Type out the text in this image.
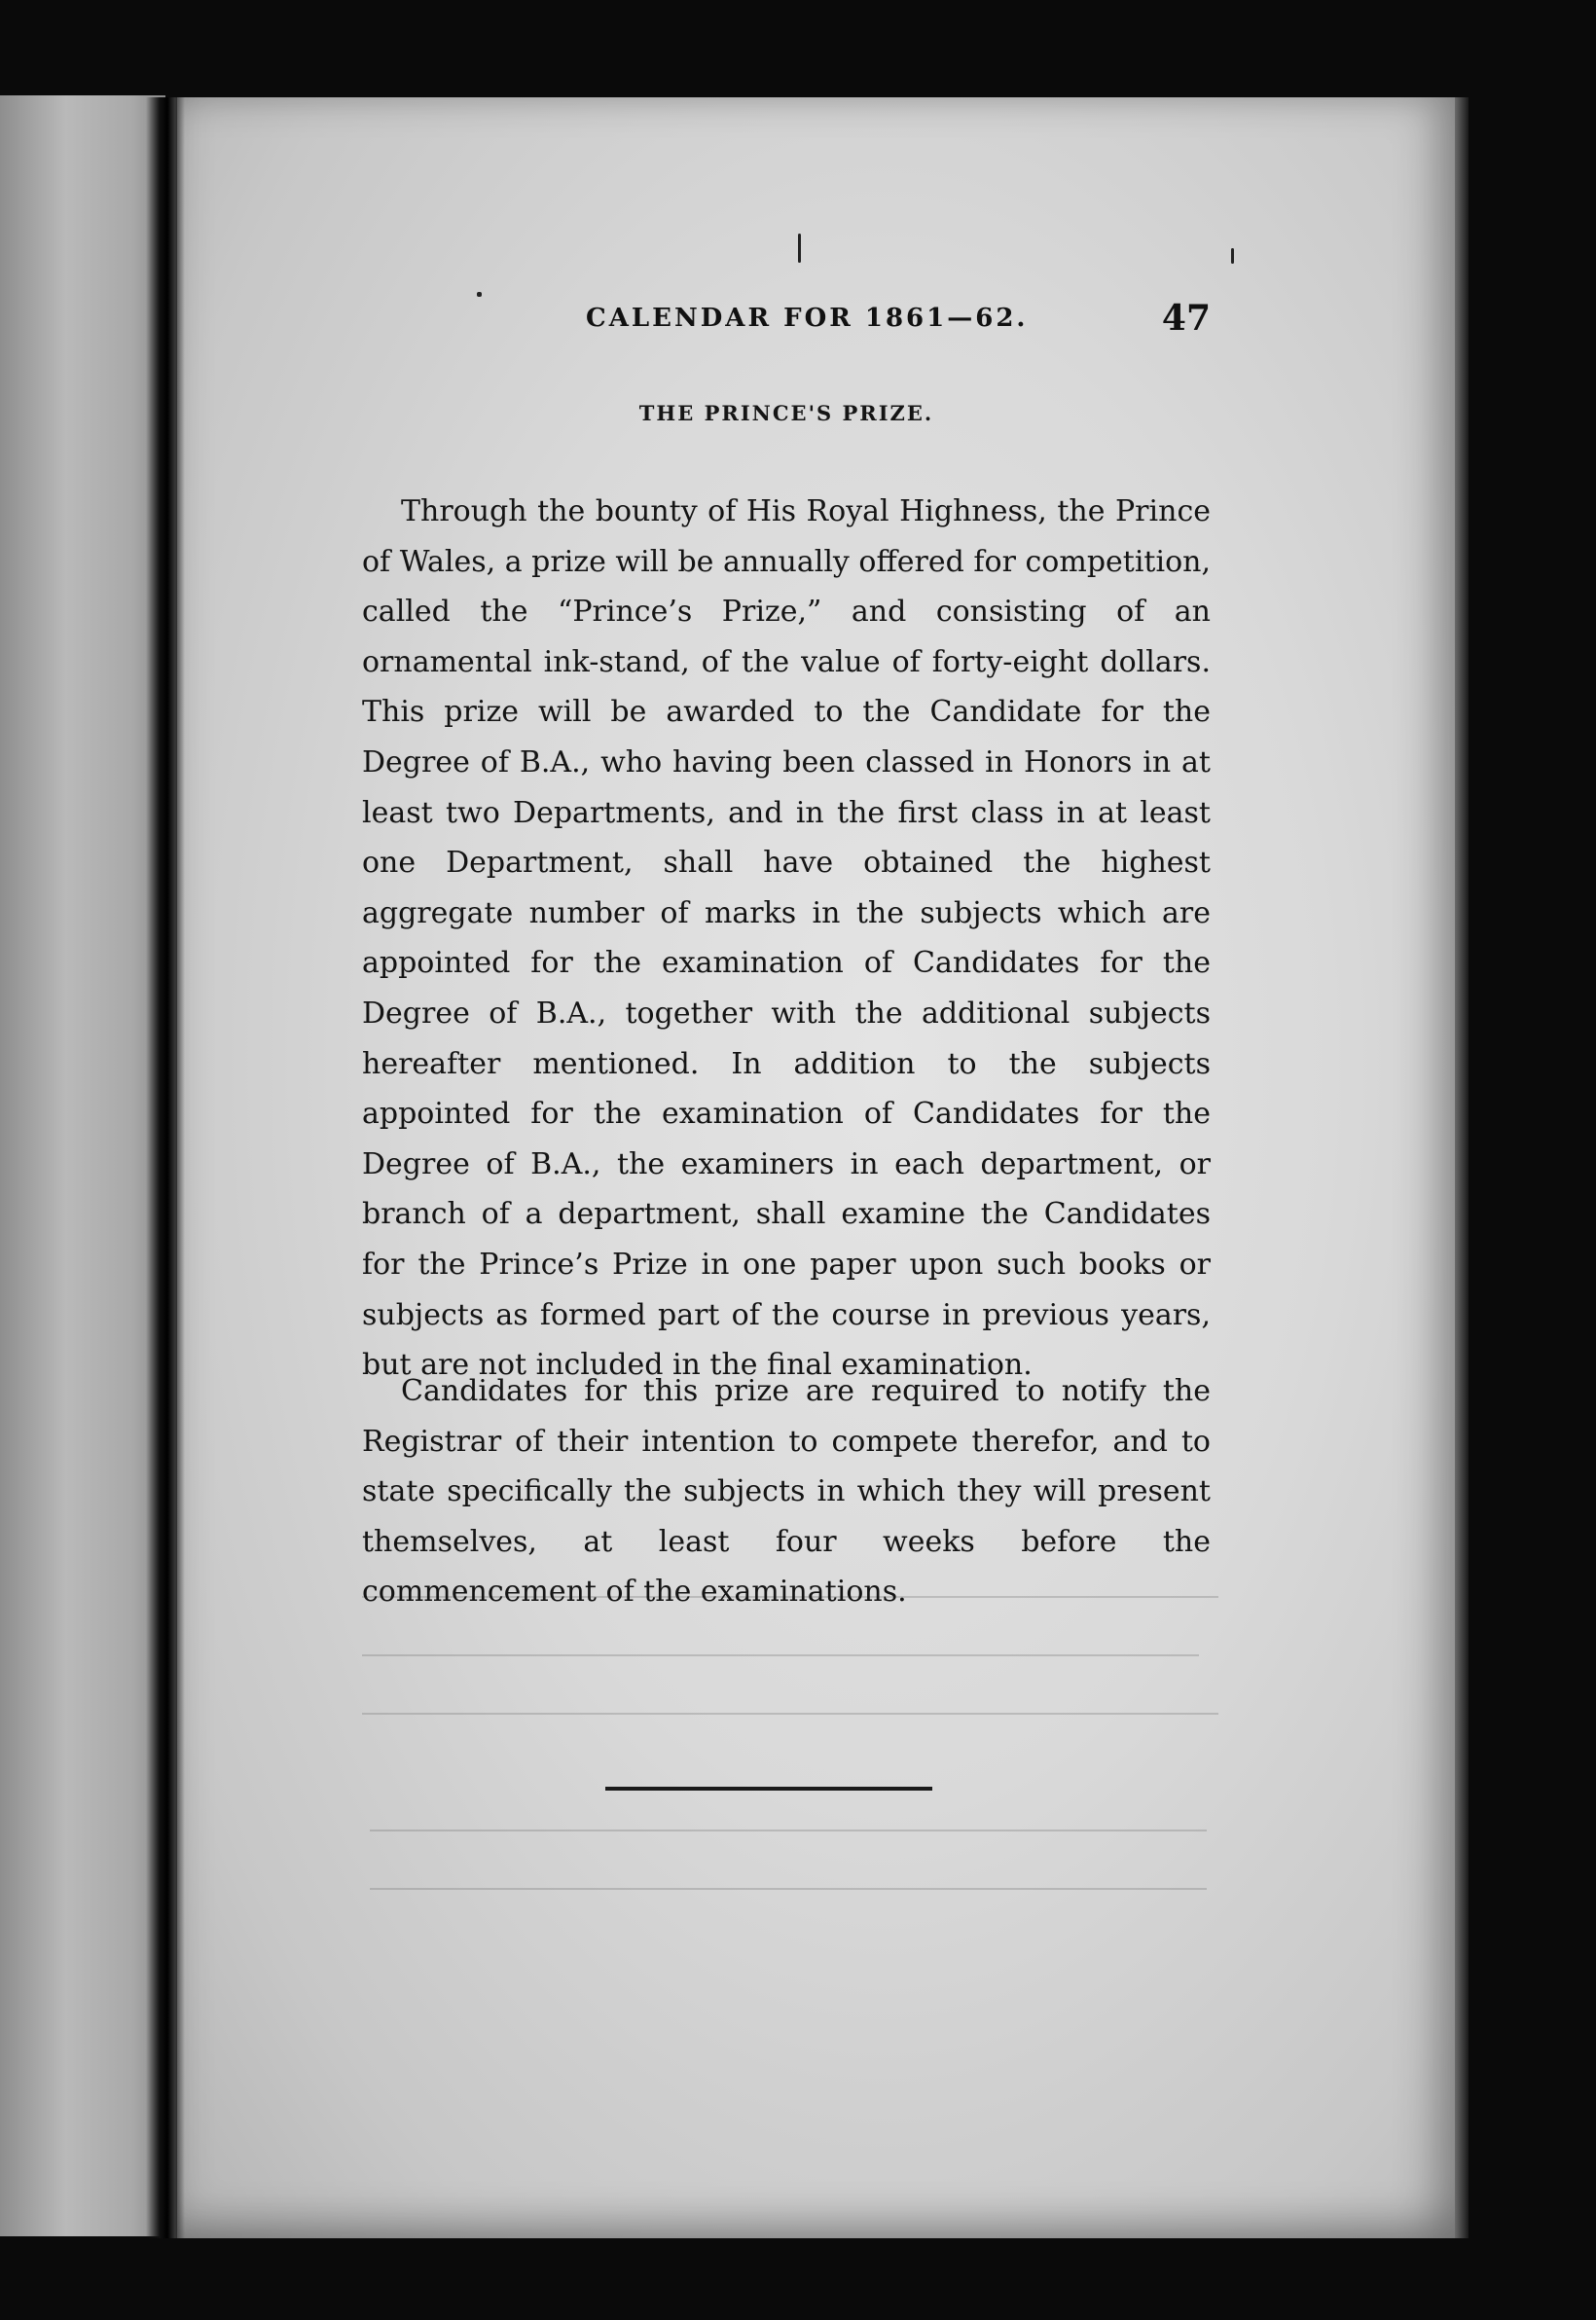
CALENDAR FOR 1861—62.	47
THE PRINCE'S PRIZE.

Through the bounty of His Royal Highness, the Prince of Wales, a prize will be annually offered for competition, called the “Prince’s Prize,” and consisting of an ornamental ink-stand, of the value of forty-eight dollars. This prize will be awarded to the Candidate for the Degree of B.A., who having been classed in Honors in at least two Departments, and in the first class in at least one Department, shall have obtained the highest aggregate number of marks in the subjects which are appointed for the examination of Candidates for the Degree of B.A., together with the additional subjects hereafter mentioned. In addition to the subjects appointed for the examination of Candidates for the Degree of B.A., the examiners in each department, or branch of a department, shall examine the Candidates for the Prince’s Prize in one paper upon such books or subjects as formed part of the course in previous years, but are not included in the final examination.

Candidates for this prize are required to notify the Registrar of their intention to compete therefor, and to state specifically the subjects in which they will present themselves, at least four weeks before the commencement of the examinations.
